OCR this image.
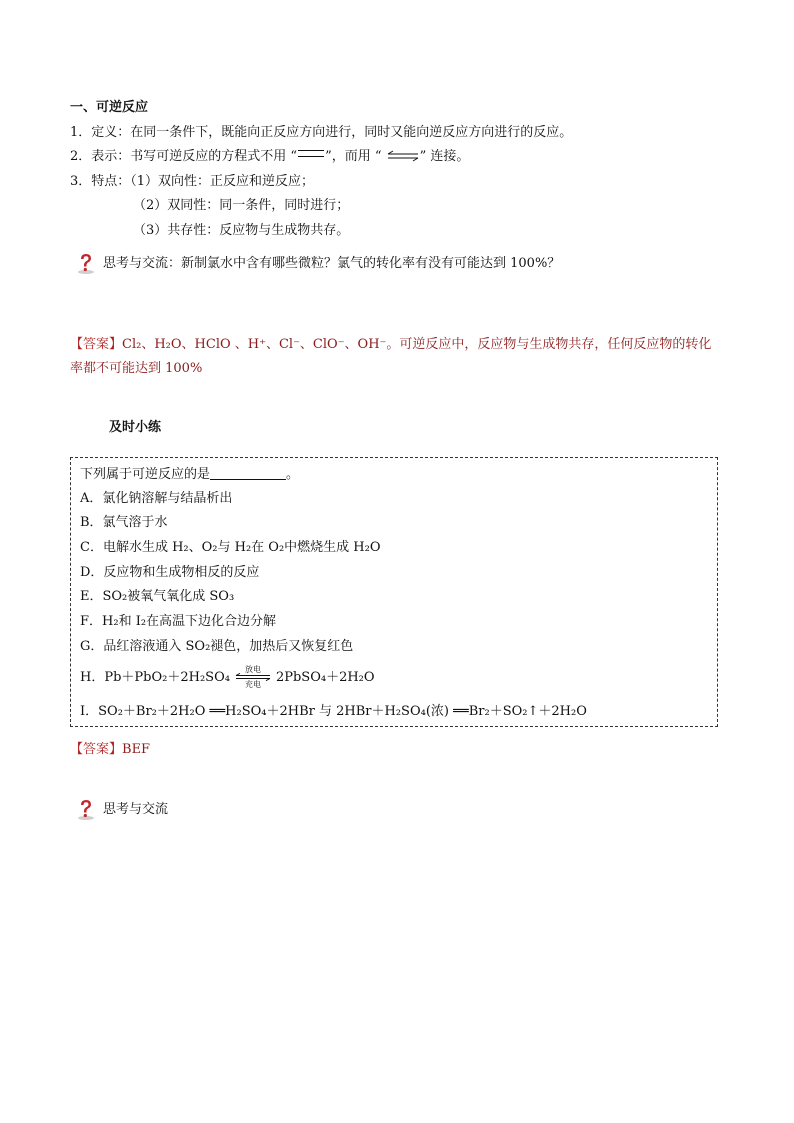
一、可逆反应
1．定义：在同一条件下，既能向正反应方向进行，同时又能向逆反应方向进行的反应。
2．表示：书写可逆反应的方程式不用 “ ”，而用 “ ⇌” 连接。
3．特点：（1）双向性：正反应和逆反应；
（2）双同性：同一条件，同时进行；
（3）共存性：反应物与生成物共存。
思考与交流：新制氯水中含有哪些微粒？氯气的转化率有没有可能达到 100%？
【答案】Cl₂、H₂O、HClO 、H⁺、Cl⁻、ClO⁻、OH⁻。可逆反应中，反应物与生成物共存，任何反应物的转化
率都不可能达到 100%
及时小练
下列属于可逆反应的是	。
A．氯化钠溶解与结晶析出
B．氯气溶于水
C．电解水生成 H₂、O₂与 H₂在 O₂中燃烧生成 H₂O
D．反应物和生成物相反的反应
E．SO₂被氧气氧化成 SO₃
F．H₂和 I₂在高温下边化合边分解
G．品红溶液通入 SO₂褪色，加热后又恢复红色
H．Pb＋PbO₂＋2H₂SO₄
放电
充电	2PbSO₄＋2H₂O
I．SO₂＋Br₂＋2H₂O ══H₂SO₄＋2HBr 与 2HBr＋H₂SO₄(浓) ══Br₂＋SO₂↑＋2H₂O
【答案】BEF
思考与交流
